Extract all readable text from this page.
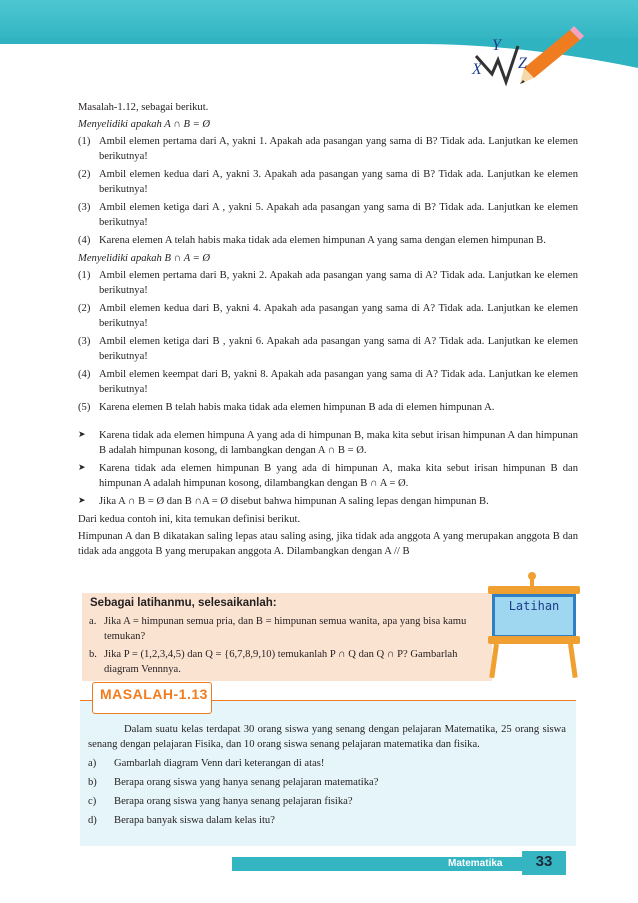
X
Y
Z

Masalah-1.12, sebagai berikut.

Menyelidiki apakah A ∩ B = Ø

(1) Ambil elemen pertama dari A, yakni 1. Apakah ada pasangan yang sama di B? Tidak ada. Lanjutkan ke elemen berikutnya!
(2) Ambil elemen kedua dari A, yakni 3. Apakah ada pasangan yang sama di B? Tidak ada. Lanjutkan ke elemen berikutnya!
(3) Ambil elemen ketiga dari A , yakni 5. Apakah ada pasangan yang sama di B? Tidak ada. Lanjutkan ke elemen berikutnya!
(4) Karena elemen A telah habis maka tidak ada elemen himpunan A yang sama dengan elemen himpunan B.

Menyelidiki apakah B ∩ A = Ø

(1) Ambil elemen pertama dari B, yakni 2. Apakah ada pasangan yang sama di A? Tidak ada. Lanjutkan ke elemen berikutnya!
(2) Ambil elemen kedua dari B, yakni 4. Apakah ada pasangan yang sama di A? Tidak ada. Lanjutkan ke elemen berikutnya!
(3) Ambil elemen ketiga dari B , yakni 6. Apakah ada pasangan yang sama di A? Tidak ada. Lanjutkan ke elemen berikutnya!
(4) Ambil elemen keempat dari B, yakni 8. Apakah ada pasangan yang sama di A? Tidak ada. Lanjutkan ke elemen berikutnya!
(5) Karena elemen B telah habis maka tidak ada elemen himpunan B ada di elemen himpunan A.
➤	Karena tidak ada elemen himpuna A yang ada di himpunan B, maka kita sebut irisan himpunan A dan himpunan B adalah himpunan kosong, di lambangkan dengan A ∩ B = Ø.
➤	Karena tidak ada elemen himpunan B yang ada di himpunan A, maka kita sebut irisan himpunan B dan himpunan A adalah himpunan kosong, dilambangkan dengan B ∩ A = Ø.
➤	Jika A ∩ B = Ø dan B ∩A = Ø disebut bahwa himpunan A saling lepas dengan himpunan B.

Dari kedua contoh ini, kita temukan definisi berikut.

Himpunan A dan B dikatakan saling lepas atau saling asing, jika tidak ada anggota A yang merupakan anggota B dan tidak ada anggota B yang merupakan anggota A. Dilambangkan dengan A // B

Sebagai latihanmu, selesaikanlah:
a. Jika A = himpunan semua pria, dan B = himpunan semua wanita, apa yang bisa kamu temukan?
b. Jika P = (1,2,3,4,5) dan Q = {6,7,8,9,10) temukanlah P ∩ Q dan Q ∩ P? Gambarlah diagram Vennnya.
Latihan
MASALAH-1.13

Dalam suatu kelas terdapat 30 orang siswa yang senang dengan pelajaran Matematika, 25 orang siswa senang dengan pelajaran Fisika, dan 10 orang siswa senang pelajaran matematika dan fisika.

a)	Gambarlah diagram Venn dari keterangan di atas!
b)	Berapa orang siswa yang hanya senang pelajaran matematika?
c)	Berapa orang siswa yang hanya senang pelajaran fisika?
d)	Berapa banyak siswa dalam kelas itu?
Matematika	33
